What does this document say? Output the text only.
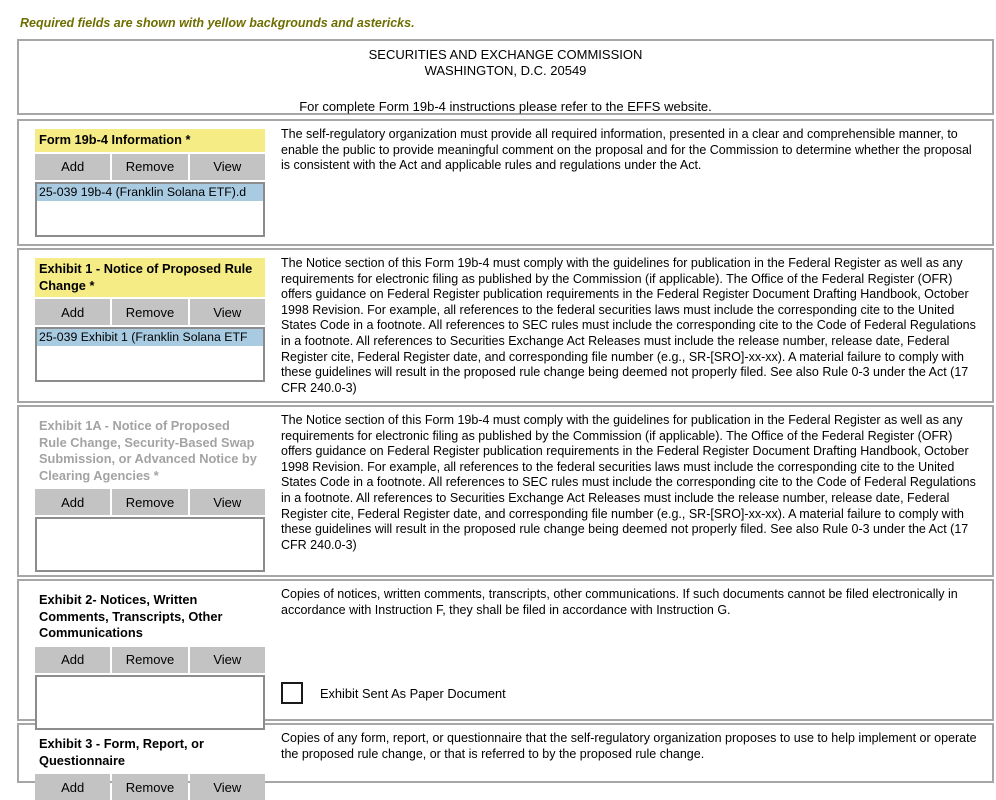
Required fields are shown with yellow backgrounds and astericks.
SECURITIES AND EXCHANGE COMMISSION
WASHINGTON, D.C. 20549
For complete Form 19b-4 instructions please refer to the EFFS website.
Form 19b-4 Information *
Add	Remove	View
25-039 19b-4 (Franklin Solana ETF).d
The self-regulatory organization must provide all required information, presented in a clear and comprehensible manner, to enable the public to provide meaningful comment on the proposal and for the Commission to determine whether the proposal is consistent with the Act and applicable rules and regulations under the Act.
Exhibit 1 - Notice of Proposed Rule Change *
Add	Remove	View
25-039 Exhibit 1 (Franklin Solana ETF
The Notice section of this Form 19b-4 must comply with the guidelines for publication in the Federal Register as well as any requirements for electronic filing as published by the Commission (if applicable). The Office of the Federal Register (OFR) offers guidance on Federal Register publication requirements in the Federal Register Document Drafting Handbook, October 1998 Revision. For example, all references to the federal securities laws must include the corresponding cite to the United States Code in a footnote. All references to SEC rules must include the corresponding cite to the Code of Federal Regulations in a footnote. All references to Securities Exchange Act Releases must include the release number, release date, Federal Register cite, Federal Register date, and corresponding file number (e.g., SR-[SRO]-xx-xx). A material failure to comply with these guidelines will result in the proposed rule change being deemed not properly filed. See also Rule 0-3 under the Act (17 CFR 240.0-3)
Exhibit 1A - Notice of Proposed Rule Change, Security-Based Swap Submission, or Advanced Notice by Clearing Agencies *
Add	Remove	View
The Notice section of this Form 19b-4 must comply with the guidelines for publication in the Federal Register as well as any requirements for electronic filing as published by the Commission (if applicable). The Office of the Federal Register (OFR) offers guidance on Federal Register publication requirements in the Federal Register Document Drafting Handbook, October 1998 Revision. For example, all references to the federal securities laws must include the corresponding cite to the United States Code in a footnote. All references to SEC rules must include the corresponding cite to the Code of Federal Regulations in a footnote. All references to Securities Exchange Act Releases must include the release number, release date, Federal Register cite, Federal Register date, and corresponding file number (e.g., SR-[SRO]-xx-xx). A material failure to comply with these guidelines will result in the proposed rule change being deemed not properly filed. See also Rule 0-3 under the Act (17 CFR 240.0-3)
Exhibit 2- Notices, Written Comments, Transcripts, Other Communications
Add	Remove	View
Copies of notices, written comments, transcripts, other communications. If such documents cannot be filed electronically in accordance with Instruction F, they shall be filed in accordance with Instruction G.
Exhibit Sent As Paper Document
Exhibit 3 - Form, Report, or Questionnaire
Add	Remove	View
Copies of any form, report, or questionnaire that the self-regulatory organization proposes to use to help implement or operate the proposed rule change, or that is referred to by the proposed rule change.
